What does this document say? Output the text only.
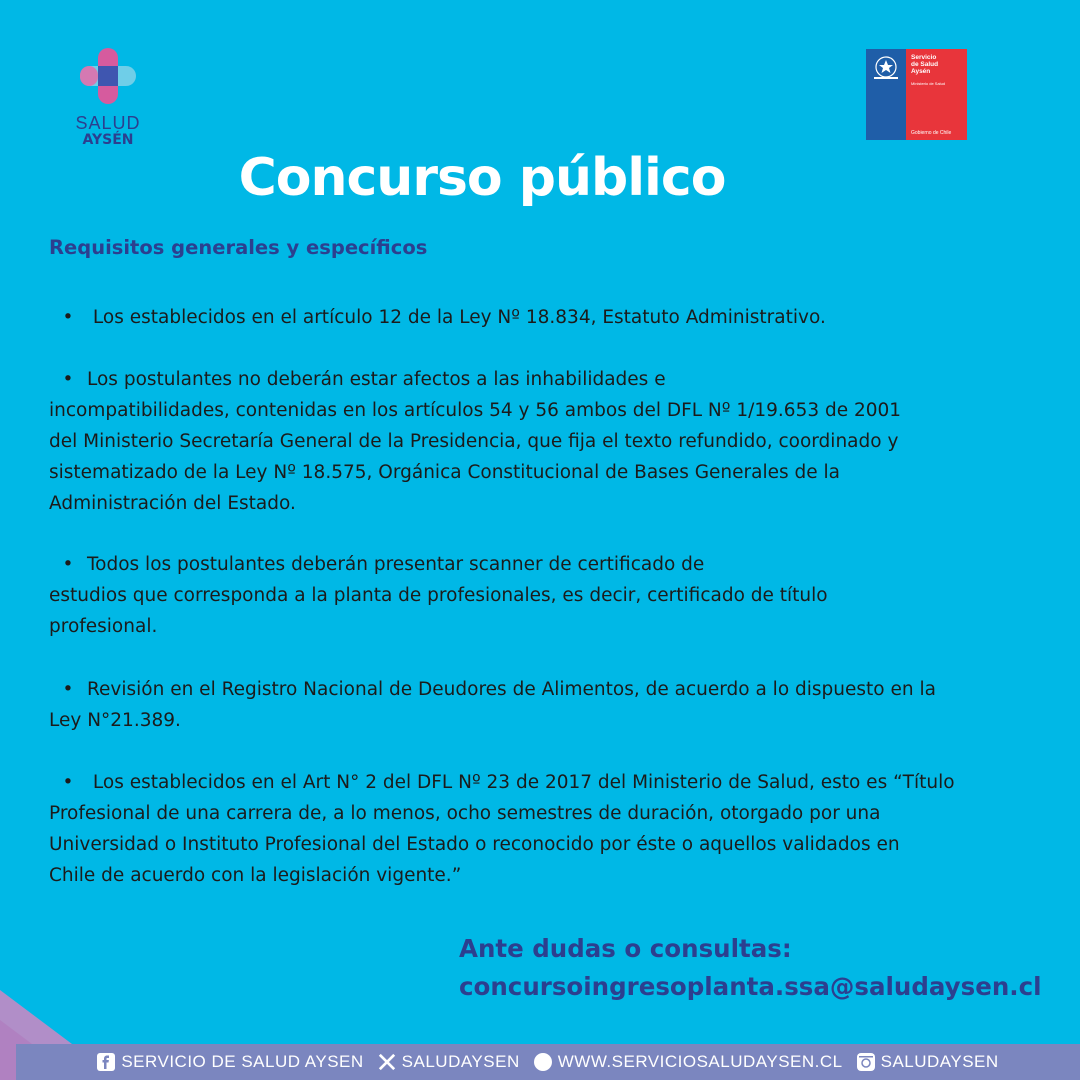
SALUD
AYSÉN
Servicio
de Salud
Aysén
Ministerio de Salud
Gobierno de Chile
Concurso público
Requisitos generales y específicos
• Los establecidos en el artículo 12 de la Ley Nº 18.834, Estatuto Administrativo.
• Los postulantes no deberán estar afectos a las inhabilidades e
incompatibilidades, contenidas en los artículos 54 y 56 ambos del DFL Nº 1/19.653 de 2001
del Ministerio Secretaría General de la Presidencia, que fija el texto refundido, coordinado y
sistematizado de la Ley Nº 18.575, Orgánica Constitucional de Bases Generales de la
Administración del Estado.
• Todos los postulantes deberán presentar scanner de certificado de
estudios que corresponda a la planta de profesionales, es decir, certificado de título
profesional.
• Revisión en el Registro Nacional de Deudores de Alimentos, de acuerdo a lo dispuesto en la
Ley N°21.389.
• Los establecidos en el Art N° 2 del DFL Nº 23 de 2017 del Ministerio de Salud, esto es “Título
Profesional de una carrera de, a lo menos, ocho semestres de duración, otorgado por una
Universidad o Instituto Profesional del Estado o reconocido por éste o aquellos validados en
Chile de acuerdo con la legislación vigente.”
Ante dudas o consultas:
concursoingresoplanta.ssa@saludaysen.cl
SERVICIO DE SALUD AYSEN SALUDAYSEN WWW.SERVICIOSALUDAYSEN.CL SALUDAYSEN
